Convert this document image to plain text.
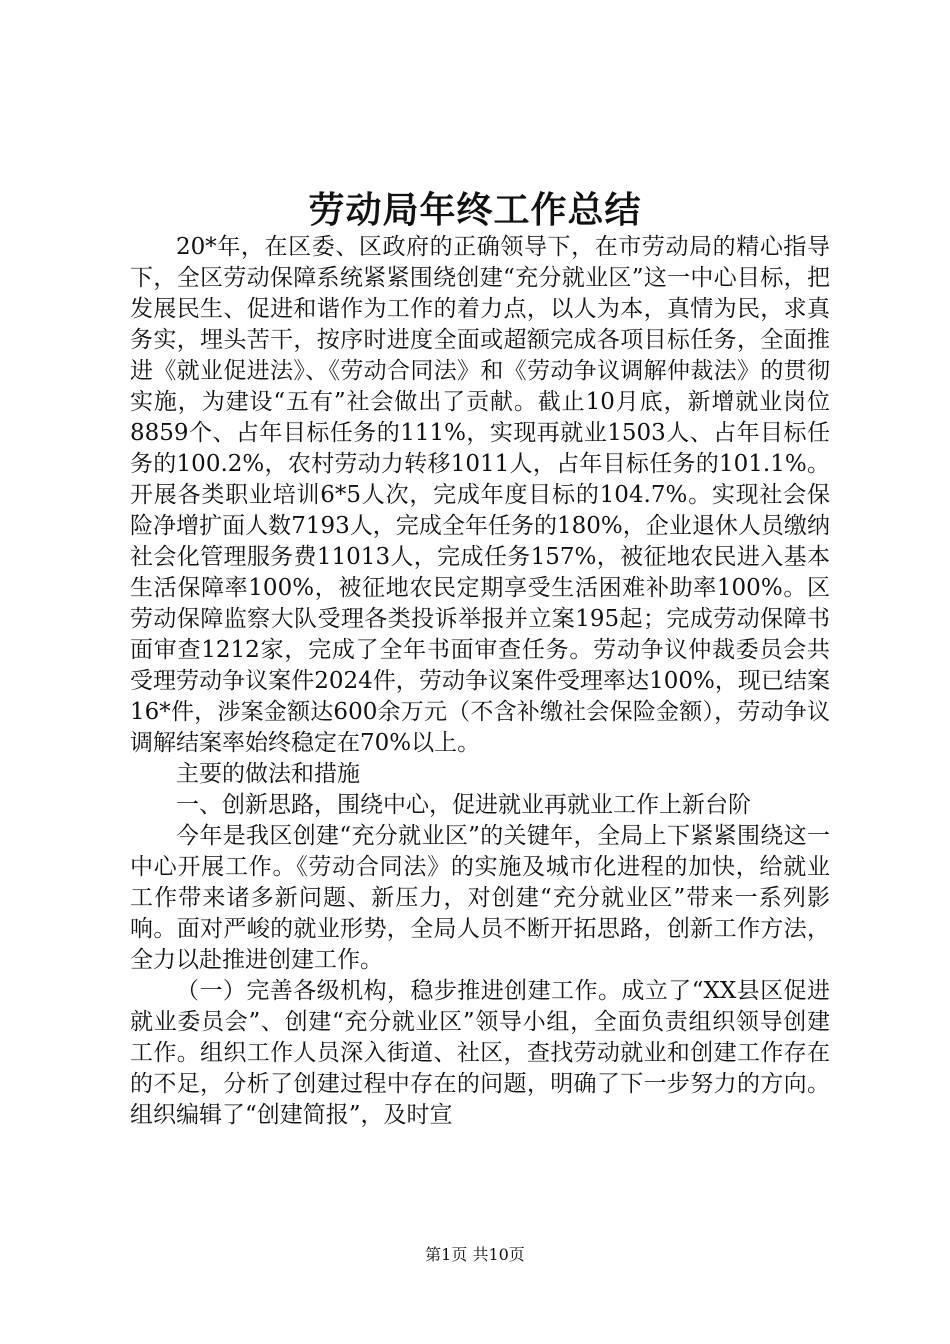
劳动局年终工作总结

20*年，在区委、区政府的正确领导下，在市劳动局的精心指导下，全区劳动保障系统紧紧围绕创建“充分就业区”这一中心目标，把发展民生、促进和谐作为工作的着力点，以人为本，真情为民，求真务实，埋头苦干，按序时进度全面或超额完成各项目标任务，全面推进《就业促进法》、《劳动合同法》和《劳动争议调解仲裁法》的贯彻实施，为建设“五有”社会做出了贡献。截止10月底，新增就业岗位8859个、占年目标任务的111%，实现再就业1503人、占年目标任务的100.2%，农村劳动力转移1011人，占年目标任务的101.1%。开展各类职业培训6*5人次，完成年度目标的104.7%。实现社会保险净增扩面人数7193人，完成全年任务的180%，企业退休人员缴纳社会化管理服务费11013人，完成任务157%，被征地农民进入基本生活保障率100%，被征地农民定期享受生活困难补助率100%。区劳动保障监察大队受理各类投诉举报并立案195起；完成劳动保障书面审查1212家，完成了全年书面审查任务。劳动争议仲裁委员会共受理劳动争议案件2024件，劳动争议案件受理率达100%，现已结案16*件，涉案金额达600余万元（不含补缴社会保险金额），劳动争议调解结案率始终稳定在70%以上。

主要的做法和措施

一、创新思路，围绕中心，促进就业再就业工作上新台阶

今年是我区创建“充分就业区”的关键年，全局上下紧紧围绕这一中心开展工作。《劳动合同法》的实施及城市化进程的加快，给就业工作带来诸多新问题、新压力，对创建“充分就业区”带来一系列影响。面对严峻的就业形势，全局人员不断开拓思路，创新工作方法，全力以赴推进创建工作。

（一）完善各级机构，稳步推进创建工作。成立了“XX县区促进就业委员会”、创建“充分就业区”领导小组，全面负责组织领导创建工作。组织工作人员深入街道、社区，查找劳动就业和创建工作存在的不足，分析了创建过程中存在的问题，明确了下一步努力的方向。组织编辑了“创建简报”，及时宣

第1页 共10页
